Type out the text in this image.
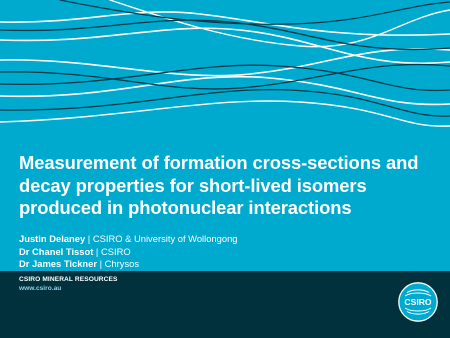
Measurement of formation cross-sections and decay properties for short-lived isomers produced in photonuclear interactions
Justin Delaney | CSIRO & University of Wollongong
Dr Chanel Tissot | CSIRO
Dr James Tickner | Chrysos
CSIRO MINERAL RESOURCES
www.csiro.au
CSIRO
